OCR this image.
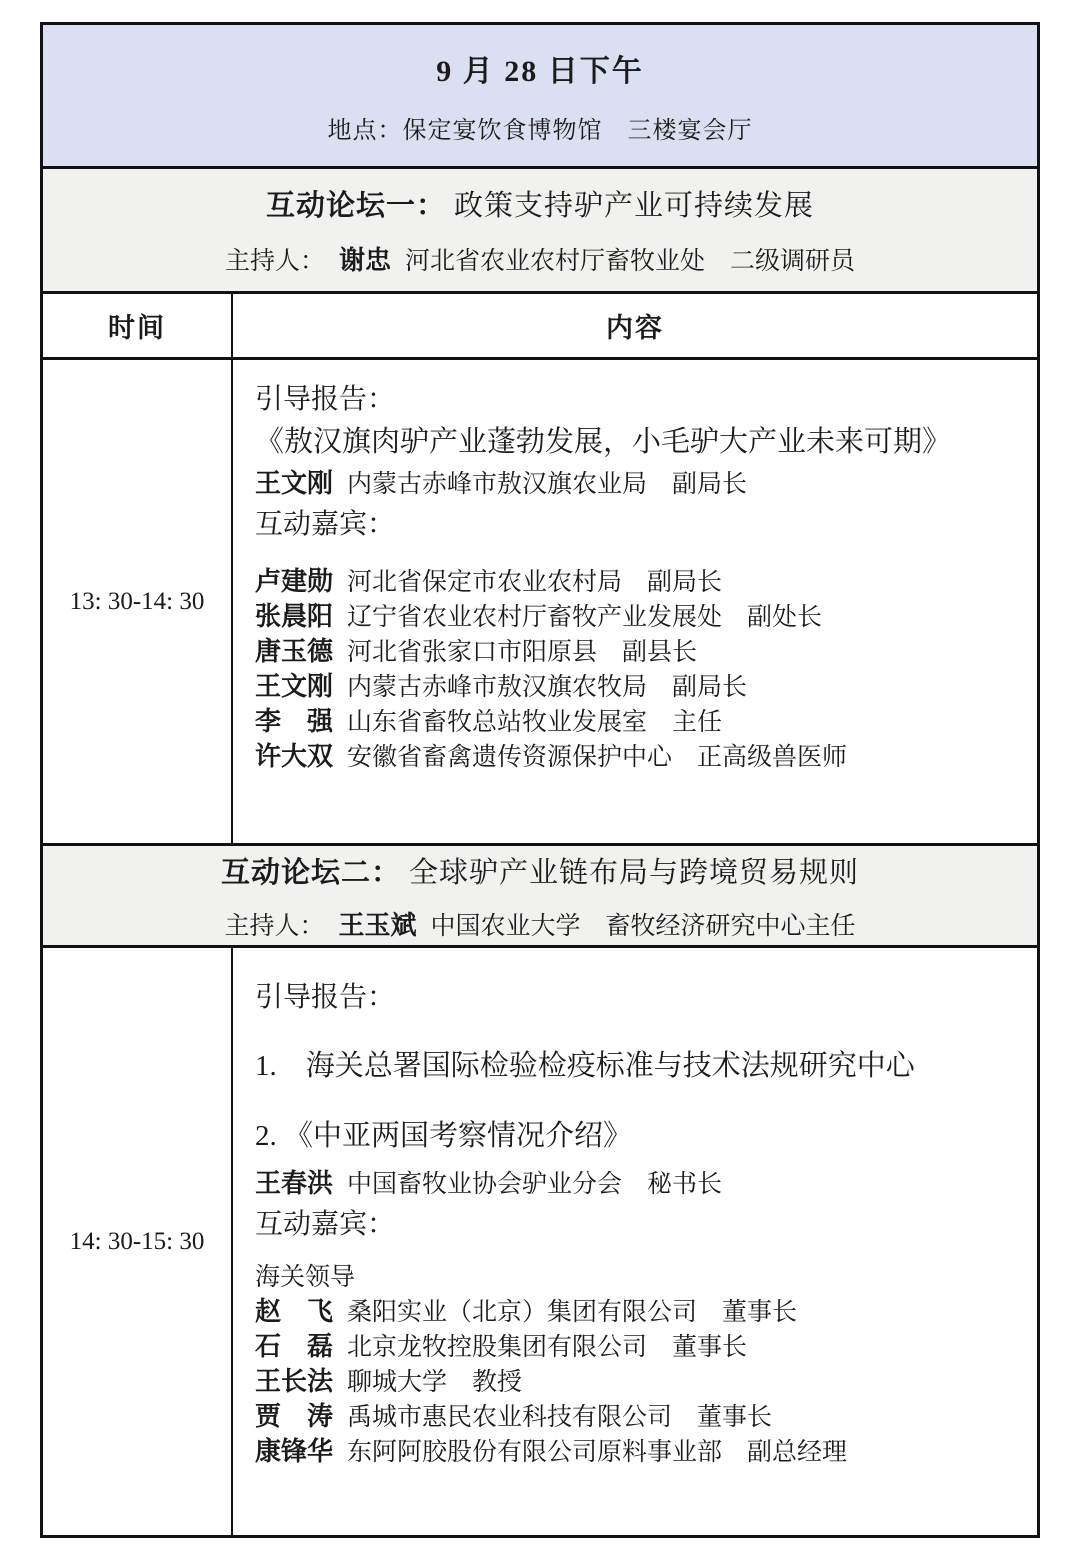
9 月 28 日下午
地点：保定宴饮食博物馆　三楼宴会厅
互动论坛一： 政策支持驴产业可持续发展
主持人： 谢忠 河北省农业农村厅畜牧业处　二级调研员
时间	内容
13: 30-14: 30

引导报告：

《敖汉旗肉驴产业蓬勃发展，小毛驴大产业未来可期》

王文刚 内蒙古赤峰市敖汉旗农业局　副局长

互动嘉宾：

卢建勋 河北省保定市农业农村局　副局长
张晨阳 辽宁省农业农村厅畜牧产业发展处　副处长
唐玉德 河北省张家口市阳原县　副县长
王文刚 内蒙古赤峰市敖汉旗农牧局　副局长
李　强 山东省畜牧总站牧业发展室　主任
许大双 安徽省畜禽遗传资源保护中心　正高级兽医师
互动论坛二： 全球驴产业链布局与跨境贸易规则
主持人： 王玉斌 中国农业大学　畜牧经济研究中心主任
14: 30-15: 30

引导报告：

1.　海关总署国际检验检疫标准与技术法规研究中心

2. 《中亚两国考察情况介绍》

王春洪 中国畜牧业协会驴业分会　秘书长

互动嘉宾：

海关领导
赵　飞 桑阳实业（北京）集团有限公司　董事长
石　磊 北京龙牧控股集团有限公司　董事长
王长法 聊城大学　教授
贾　涛 禹城市惠民农业科技有限公司　董事长
康锋华 东阿阿胶股份有限公司原料事业部　副总经理
